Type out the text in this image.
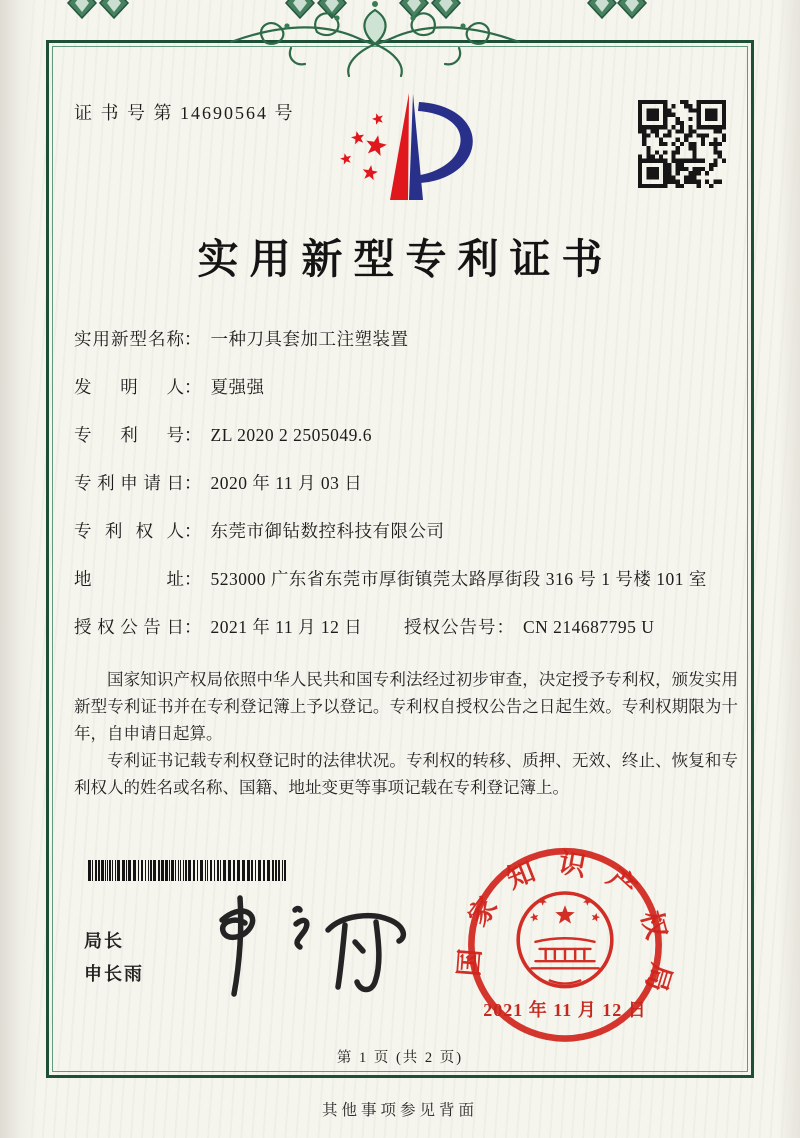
证 书 号 第 14690564 号
实用新型专利证书
实用新型名称 ： 一种刀具套加工注塑装置
发明人 ： 夏强强
专利号 ： ZL 2020 2 2505049.6
专利申请日 ： 2020 年 11 月 03 日
专利权人 ： 东莞市御钻数控科技有限公司
地址 ： 523000 广东省东莞市厚街镇莞太路厚街段 316 号 1 号楼 101 室
授权公告日 ： 2021 年 11 月 12 日	授权公告号 ： CN 214687795 U

国家知识产权局依照中华人民共和国专利法经过初步审查，决定授予专利权，颁发实用新型专利证书并在专利登记簿上予以登记。专利权自授权公告之日起生效。专利权期限为十年，自申请日起算。

专利证书记载专利权登记时的法律状况。专利权的转移、质押、无效、终止、恢复和专利权人的姓名或名称、国籍、地址变更等事项记载在专利登记簿上。

局长
申长雨	国家知识产权局
2021 年 11 月 12 日
第 1 页 (共 2 页)
其他事项参见背面
